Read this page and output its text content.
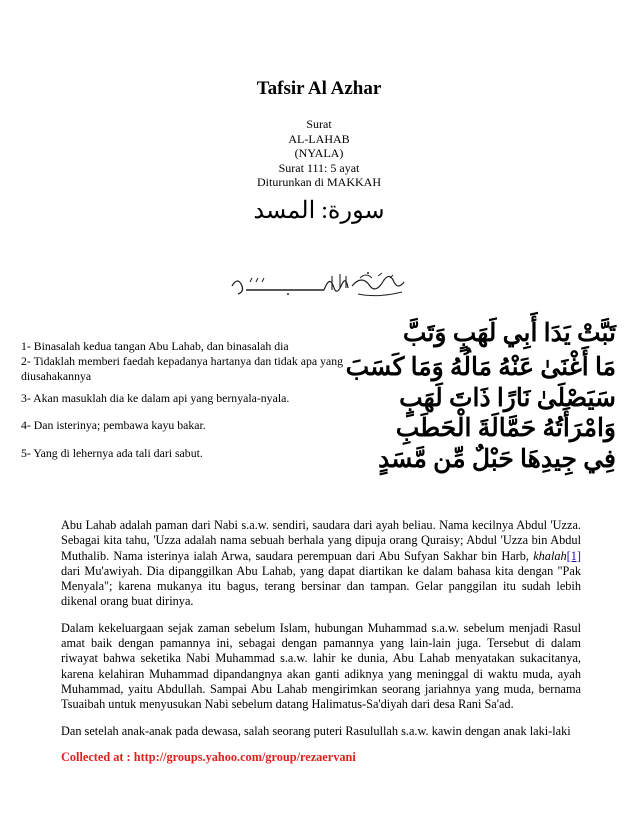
Tafsir Al Azhar
Surat
AL-LAHAB
(NYALA)
Surat 111: 5 ayat
Diturunkan di MAKKAH
سورة: المسد
1- Binasalah kedua tangan Abu Lahab, dan binasalah dia
2- Tidaklah memberi faedah kepadanya hartanya dan tidak apa yang diusahakannya
3- Akan masuklah dia ke dalam api yang bernyala-nyala.
4- Dan isterinya; pembawa kayu bakar.
5- Yang di lehernya ada tali dari sabut.
تَبَّتْ يَدَا أَبِي لَهَبٍ وَتَبَّ
مَا أَغْنَىٰ عَنْهُ مَالُهُ وَمَا كَسَبَ
سَيَصْلَىٰ نَارًا ذَاتَ لَهَبٍ
وَامْرَأَتُهُ حَمَّالَةَ الْحَطَبِ
فِي جِيدِهَا حَبْلٌ مِّن مَّسَدٍ

Abu Lahab adalah paman dari Nabi s.a.w. sendiri, saudara dari ayah beliau. Nama kecilnya Abdul 'Uzza. Sebagai kita tahu, 'Uzza adalah nama sebuah berhala yang dipuja orang Quraisy; Abdul 'Uzza bin Abdul Muthalib. Nama isterinya ialah Arwa, saudara perempuan dari Abu Sufyan Sakhar bin Harb, khalah[1] dari Mu'awiyah. Dia dipanggilkan Abu Lahab, yang dapat diartikan ke dalam bahasa kita dengan "Pak Menyala"; karena mukanya itu bagus, terang bersinar dan tampan. Gelar panggilan itu sudah lebih dikenal orang buat dirinya.

Dalam kekeluargaan sejak zaman sebelum Islam, hubungan Muhammad s.a.w. sebelum menjadi Rasul amat baik dengan pamannya ini, sebagai dengan pamannya yang lain-lain juga. Tersebut di dalam riwayat bahwa seketika Nabi Muhammad s.a.w. lahir ke dunia, Abu Lahab menyatakan sukacitanya, karena kelahiran Muhammad dipandangnya akan ganti adiknya yang meninggal di waktu muda, ayah Muhammad, yaitu Abdullah. Sampai Abu Lahab mengirimkan seorang jariahnya yang muda, bernama Tsuaibah untuk menyusukan Nabi sebelum datang Halimatus-Sa'diyah dari desa Rani Sa'ad.

Dan setelah anak-anak pada dewasa, salah seorang puteri Rasulullah s.a.w. kawin dengan anak laki-laki

Collected at : http://groups.yahoo.com/group/rezaervani
